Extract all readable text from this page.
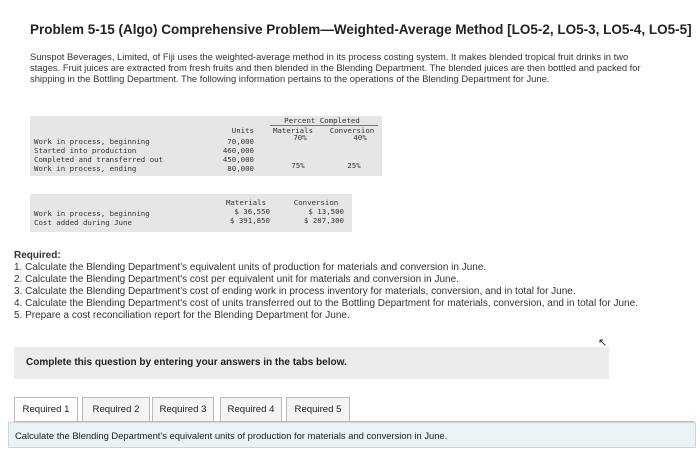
Problem 5-15 (Algo) Comprehensive Problem—Weighted-Average Method [LO5-2, LO5-3, LO5-4, LO5-5]
Sunspot Beverages, Limited, of Fiji uses the weighted-average method in its process costing system. It makes blended tropical fruit drinks in two stages. Fruit juices are extracted from fresh fruits and then blended in the Blending Department. The blended juices are then bottled and packed for shipping in the Bottling Department. The following information pertains to the operations of the Blending Department for June.
Percent Completed
Units	Materials	Conversion
Work in process, beginning	70,000	70%	40%
Started into production	460,000
Completed and transferred out	450,000
Work in process, ending	80,000	75%	25%
Materials	Conversion
Work in process, beginning	$ 36,550	$ 13,500
Cost added during June	$ 391,850	$ 287,300
Required:
1. Calculate the Blending Department's equivalent units of production for materials and conversion in June.
2. Calculate the Blending Department's cost per equivalent unit for materials and conversion in June.
3. Calculate the Blending Department's cost of ending work in process inventory for materials, conversion, and in total for June.
4. Calculate the Blending Department's cost of units transferred out to the Bottling Department for materials, conversion, and in total for June.
5. Prepare a cost reconciliation report for the Blending Department for June.
Complete this question by entering your answers in the tabs below.
↖
Required 1	Required 2	Required 3	Required 4	Required 5
Calculate the Blending Department's equivalent units of production for materials and conversion in June.
